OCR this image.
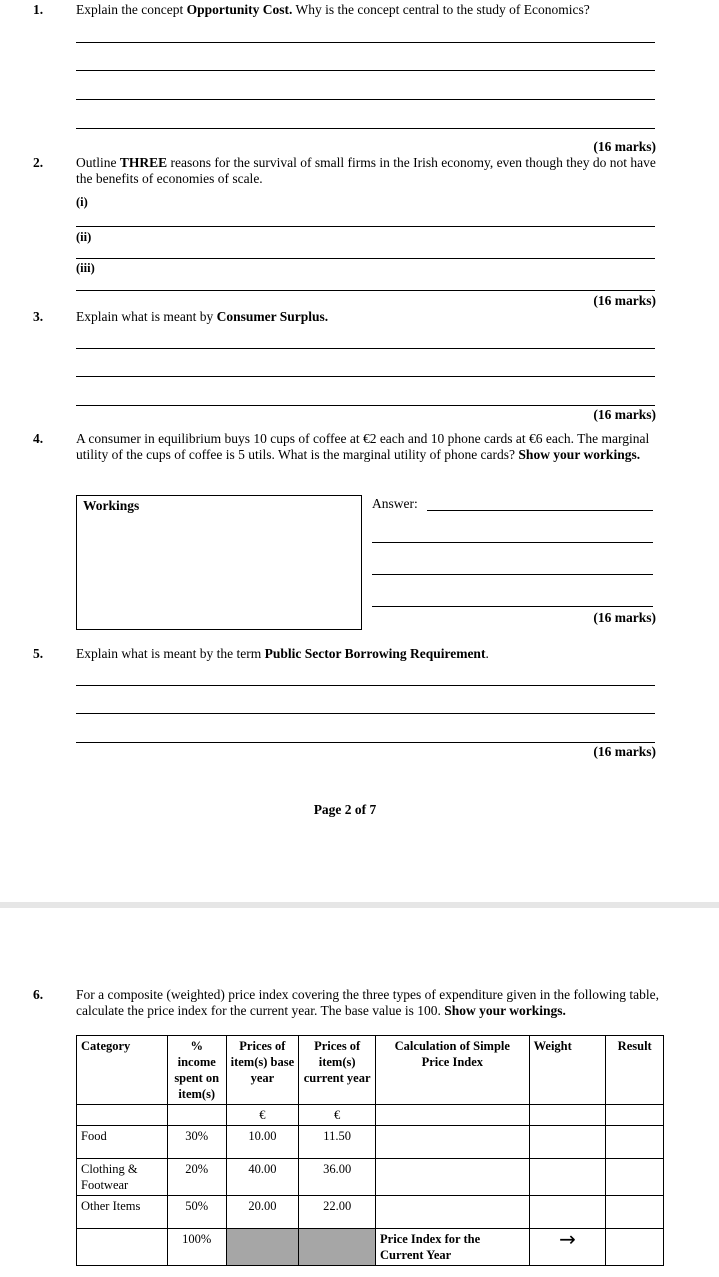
1. Explain the concept Opportunity Cost. Why is the concept central to the study of Economics?
(16 marks)
2. Outline THREE reasons for the survival of small firms in the Irish economy, even though they do not have the benefits of economies of scale.
(i)
(ii)
(iii)
(16 marks)
3. Explain what is meant by Consumer Surplus.
(16 marks)
4. A consumer in equilibrium buys 10 cups of coffee at €2 each and 10 phone cards at €6 each. The marginal utility of the cups of coffee is 5 utils. What is the marginal utility of phone cards? Show your workings.
Workings	Answer:
(16 marks)
5. Explain what is meant by the term Public Sector Borrowing Requirement.
(16 marks)
Page 2 of 7
6. For a composite (weighted) price index covering the three types of expenditure given in the following table, calculate the price index for the current year. The base value is 100. Show your workings.
Category	% income spent on item(s)	Prices of item(s) base year	Prices of item(s) current year	Calculation of Simple Price Index	Weight	Result
		€	€			
Food	30%	10.00	11.50			
Clothing & Footwear	20%	40.00	36.00			
Other Items	50%	20.00	22.00			
	100%			Price Index for the Current Year	→	
